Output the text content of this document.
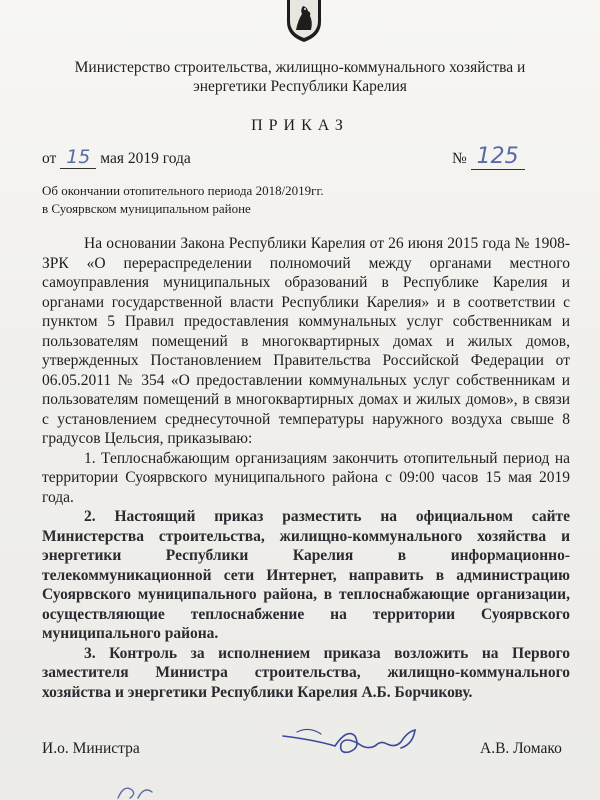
Министерство строительства, жилищно-коммунального хозяйства и
энергетики Республики Карелия
ПРИКАЗ
от 15 мая 2019 года	№ 125
Об окончании отопительного периода 2018/2019гг.
в Суоярвском муниципальном районе

На основании Закона Республики Карелия от 26 июня 2015 года № 1908-ЗРК «О перераспределении полномочий между органами местного самоуправления муниципальных образований в Республике Карелия и органами государственной власти Республики Карелия» и в соответствии с пунктом 5 Правил предоставления коммунальных услуг собственникам и пользователям помещений в многоквартирных домах и жилых домов, утвержденных Постановлением Правительства Российской Федерации от 06.05.2011 № 354 «О предоставлении коммунальных услуг собственникам и пользователям помещений в многоквартирных домах и жилых домов», в связи с установлением среднесуточной температуры наружного воздуха свыше 8 градусов Цельсия, приказываю:

1. Теплоснабжающим организациям закончить отопительный период на территории Суоярвского муниципального района с 09:00 часов 15 мая 2019 года.

2. Настоящий приказ разместить на официальном сайте Министерства строительства, жилищно-коммунального хозяйства и энергетики Республики Карелия в информационно-телекоммуникационной сети Интернет, направить в администрацию Суоярвского муниципального района, в теплоснабжающие организации, осуществляющие теплоснабжение на территории Суоярвского муниципального района.

3. Контроль за исполнением приказа возложить на Первого заместителя Министра строительства, жилищно-коммунального хозяйства и энергетики Республики Карелия А.Б. Борчикову.

И.о. Министра	А.В. Ломако
